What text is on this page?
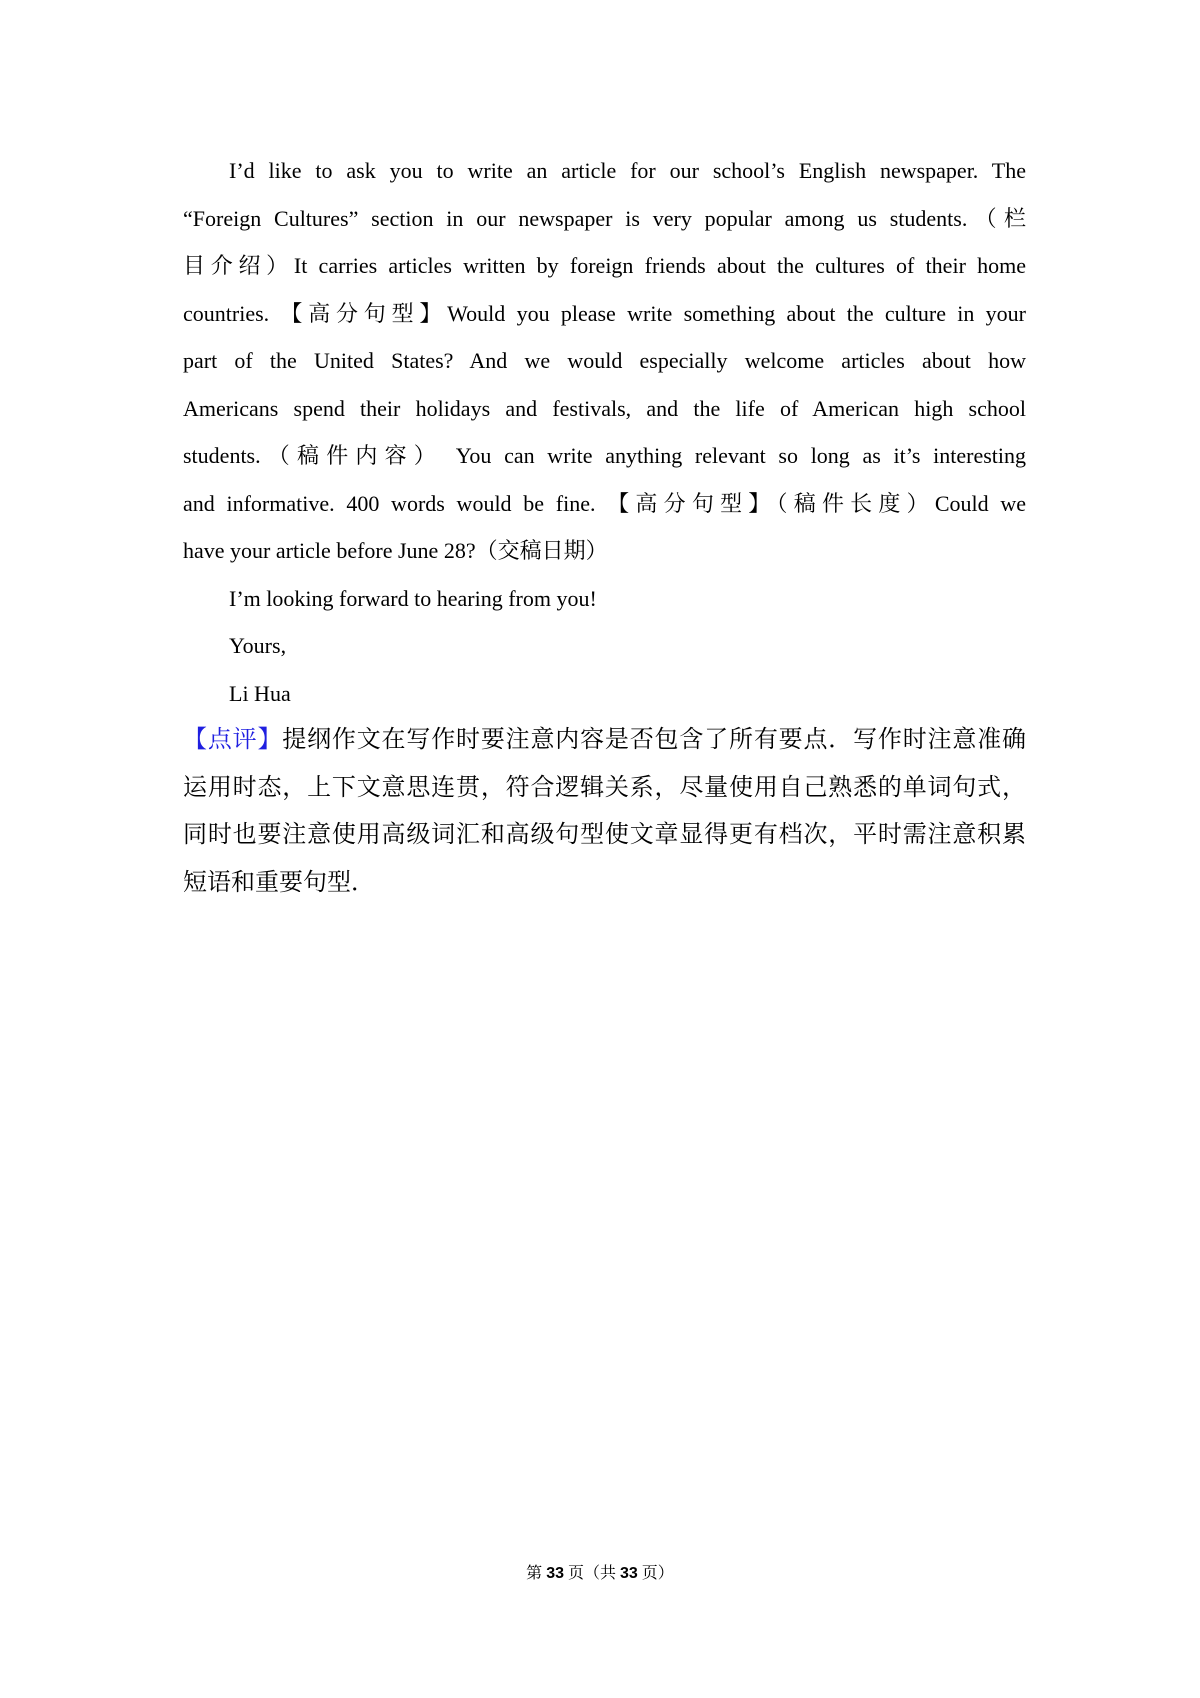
I’d like to ask you to write an article for our school’s English newspaper. The
“Foreign Cultures” section in our newspaper is very popular among us students.（栏
目介绍）It carries articles written by foreign friends about the cultures of their home
countries. 【高分句型】Would you please write something about the culture in your
part of the United States? And we would especially welcome articles about how
Americans spend their holidays and festivals, and the life of American high school
students.（稿件内容） You can write anything relevant so long as it’s interesting
and informative. 400 words would be fine. 【高分句型】（稿件长度）Could we
have your article before June 28?（交稿日期）
I’m looking forward to hearing from you!
Yours,
Li Hua
【点评】提纲作文在写作时要注意内容是否包含了所有要点．写作时注意准确
运用时态，上下文意思连贯，符合逻辑关系，尽量使用自己熟悉的单词句式，
同时也要注意使用高级词汇和高级句型使文章显得更有档次，平时需注意积累
短语和重要句型．
第 33 页（共 33 页）
